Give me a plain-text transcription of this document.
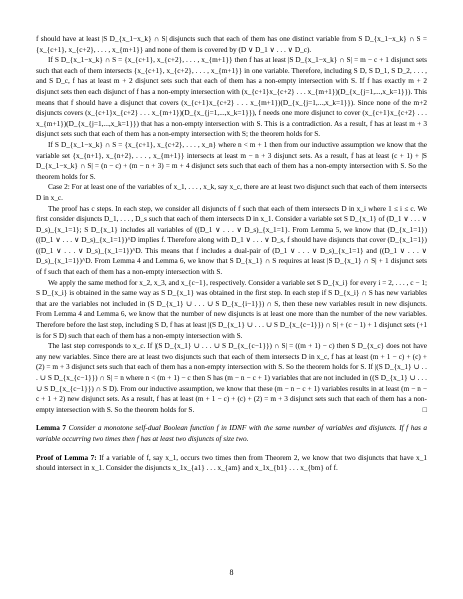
f should have at least |S D_{x_1−x_k} ∩ S| disjuncts such that each of them has one distinct variable from S D_{x_1−x_k} ∩ S = {x_{c+1}, x_{c+2}, . . . , x_{m+1}} and none of them is covered by (D ∨ D_1 ∨ . . . ∨ D_c).

If S D_{x_1−x_k} ∩ S = {x_{c+1}, x_{c+2}, . . . , x_{m+1}} then f has at least |S D_{x_1−x_k} ∩ S| = m − c + 1 disjunct sets such that each of them intersects {x_{c+1}, x_{c+2}, . . . , x_{m+1}} in one variable. Therefore, including S D, S D_1, S D_2, . . . , and S D_c, f has at least m + 2 disjunct sets such that each of them has a non-empty intersection with S. If f has exactly m + 2 disjunct sets then each disjunct of f has a non-empty intersection with (x_{c+1}x_{c+2} . . . x_{m+1})(D_{x_{j=1,...,x_k=1}}). This means that f should have a disjunct that covers (x_{c+1}x_{c+2} . . . x_{m+1})(D_{x_{j=1,...,x_k=1}}). Since none of the m+2 disjuncts covers (x_{c+1}x_{c+2} . . . x_{m+1})(D_{x_{j=1,...,x_k=1}}), f needs one more disjunct to cover (x_{c+1}x_{c+2} . . . x_{m+1})(D_{x_{j=1,...,x_k=1}}) that has a non-empty intersection with S. This is a contradiction. As a result, f has at least m + 3 disjunct sets such that each of them has a non-empty intersection with S; the theorem holds for S.

If S D_{x_1−x_k} ∩ S = {x_{c+1}, x_{c+2}, . . . , x_n} where n < m + 1 then from our inductive assumption we know that the variable set {x_{n+1}, x_{n+2}, . . . , x_{m+1}} intersects at least m − n + 3 disjunct sets. As a result, f has at least (c + 1) + |S D_{x_1−x_k} ∩ S| = (n − c) + (m − n + 3) = m + 4 disjunct sets such that each of them has a non-empty intersection with S. So the theorem holds for S.

Case 2: For at least one of the variables of x_1, . . . , x_k, say x_c, there are at least two disjunct such that each of them intersects D in x_c.

The proof has c steps. In each step, we consider all disjuncts of f such that each of them intersects D in x_i where 1 ≤ i ≤ c. We first consider disjuncts D_1, . . . , D_s such that each of them intersects D in x_1. Consider a variable set S D_{x_1} of (D_1 ∨ . . . ∨ D_s)_{x_1=1}; S D_{x_1} includes all variables of ((D_1 ∨ . . . ∨ D_s)_{x_1=1}. From Lemma 5, we know that (D_{x_1=1})((D_1 ∨ . . . ∨ D_s)_{x_1=1})^D implies f. Therefore along with D_1 ∨ . . . ∨ D_s, f should have disjuncts that cover (D_{x_1=1})((D_1 ∨ . . . ∨ D_s)_{x_1=1})^D. This means that f includes a dual-pair of (D_1 ∨ . . . ∨ D_s)_{x_1=1} and ((D_1 ∨ . . . ∨ D_s)_{x_1=1})^D. From Lemma 4 and Lemma 6, we know that S D_{x_1} ∩ S requires at least |S D_{x_1} ∩ S| + 1 disjunct sets of f such that each of them has a non-empty intersection with S.

We apply the same method for x_2, x_3, and x_{c−1}, respectively. Consider a variable set S D_{x_i} for every i = 2, . . . , c − 1; S D_{x_i} is obtained in the same way as S D_{x_1} was obtained in the first step. In each step if S D_{x_i} ∩ S has new variables that are the variables not included in (S D_{x_1} ∪ . . . ∪ S D_{x_{i−1}}) ∩ S, then these new variables result in new disjuncts. From Lemma 4 and Lemma 6, we know that the number of new disjuncts is at least one more than the number of the new variables. Therefore before the last step, including S D, f has at least |(S D_{x_1} ∪ . . . ∪ S D_{x_{c−1}}) ∩ S| + (c − 1) + 1 disjunct sets (+1 is for S D) such that each of them has a non-empty intersection with S.

The last step corresponds to x_c. If |(S D_{x_1} ∪ . . . ∪ S D_{x_{c−1}}) ∩ S| = ((m + 1) − c) then S D_{x_c} does not have any new variables. Since there are at least two disjuncts such that each of them intersects D in x_c, f has at least (m + 1 − c) + (c) + (2) = m + 3 disjunct sets such that each of them has a non-empty intersection with S. So the theorem holds for S. If |(S D_{x_1} ∪ . . . ∪ S D_{x_{c−1}}) ∩ S| = n where n < (m + 1) − c then S has (m − n − c + 1) variables that are not included in ((S D_{x_1} ∪ . . . ∪ S D_{x_{c−1}}) ∩ S D). From our inductive assumption, we know that these (m − n − c + 1) variables results in at least (m − n − c + 1 + 2) new disjunct sets. As a result, f has at least (m + 1 − c) + (c) + (2) = m + 3 disjunct sets such that each of them has a non-empty intersection with S. So the theorem holds for S.	□

Lemma 7 Consider a monotone self-dual Boolean function f in IDNF with the same number of variables and disjuncts. If f has a variable occurring two times then f has at least two disjuncts of size two.

Proof of Lemma 7: If a variable of f, say x_1, occurs two times then from Theorem 2, we know that two disjuncts that have x_1 should intersect in x_1. Consider the disjuncts x_1x_{a1} . . . x_{am} and x_1x_{b1} . . . x_{bm} of f.

8
